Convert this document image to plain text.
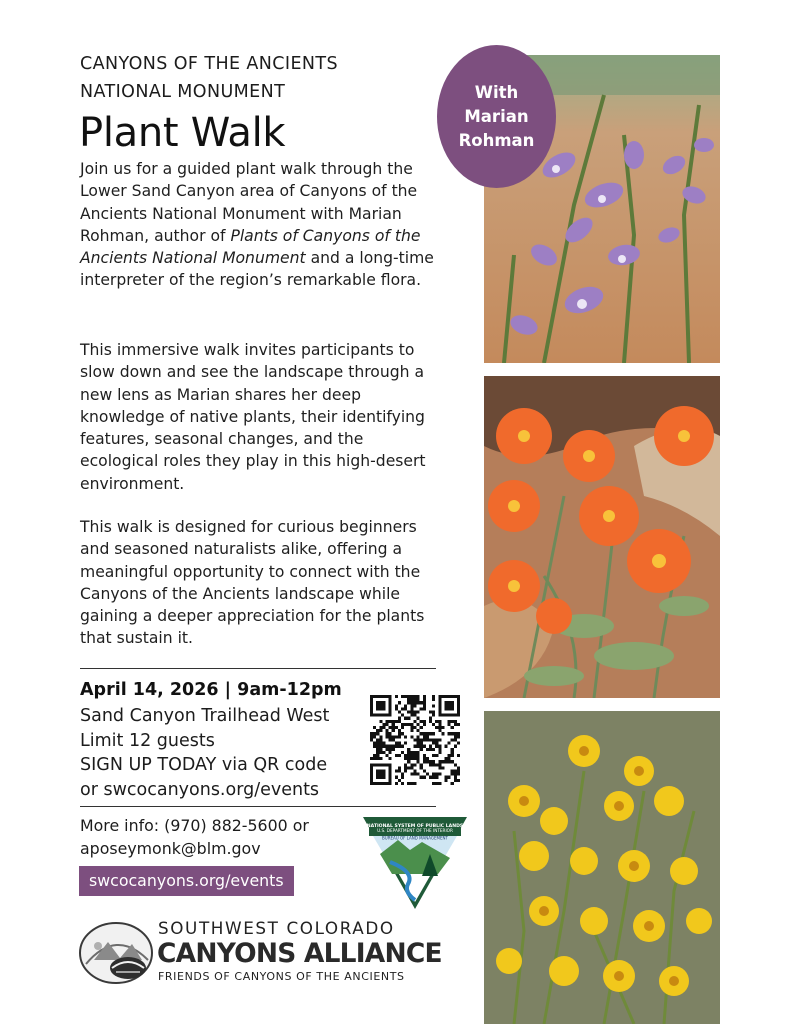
CANYONS OF THE ANCIENTS
NATIONAL MONUMENT
Plant Walk

Join us for a guided plant walk through the Lower Sand Canyon area of Canyons of the Ancients National Monument with Marian Rohman, author of Plants of Canyons of the Ancients National Monument and a long-time interpreter of the region’s remarkable flora.

This immersive walk invites participants to slow down and see the landscape through a new lens as Marian shares her deep knowledge of native plants, their identifying features, seasonal changes, and the ecological roles they play in this high-desert environment.

This walk is designed for curious beginners and seasoned naturalists alike, offering a meaningful opportunity to connect with the Canyons of the Ancients landscape while gaining a deeper appreciation for the plants that sustain it.

April 14, 2026 | 9am-12pm
Sand Canyon Trailhead West
Limit 12 guests
SIGN UP TODAY via QR code
or swcocanyons.org/events
More info: (970) 882-5600 or
aposeymonk@blm.gov
swcocanyons.org/events
NATIONAL SYSTEM OF PUBLIC LANDS
U.S. DEPARTMENT OF THE INTERIOR
BUREAU OF LAND MANAGEMENT
SOUTHWEST COLORADO
CANYONS ALLIANCE
FRIENDS OF CANYONS OF THE ANCIENTS
With
Marian
Rohman
